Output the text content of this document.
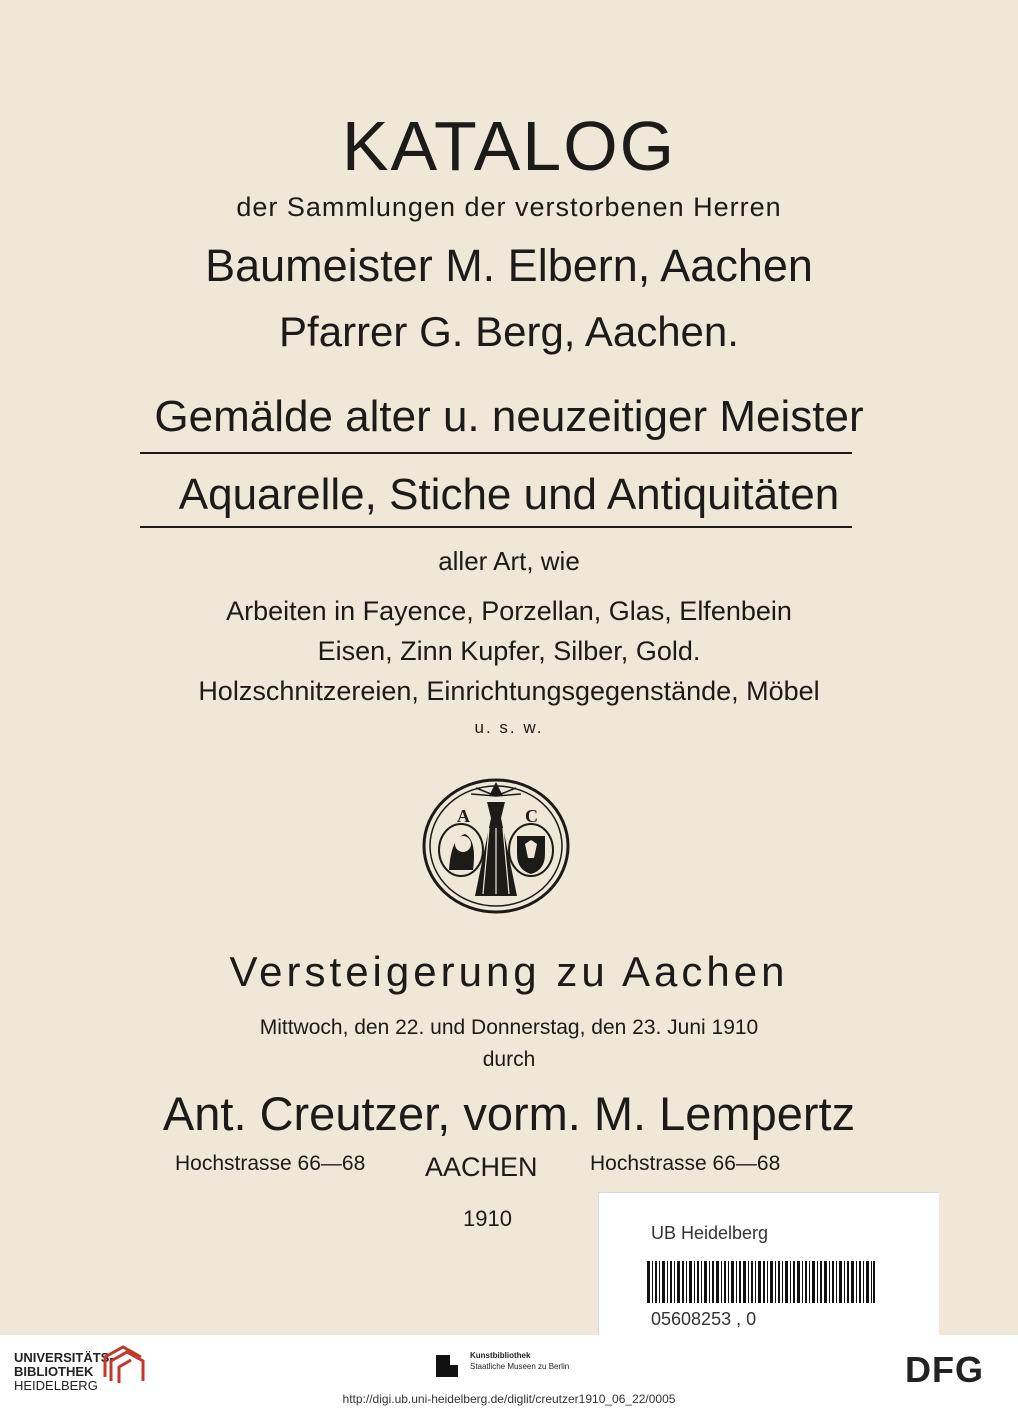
KATALOG
der Sammlungen der verstorbenen Herren
Baumeister M. Elbern, Aachen
Pfarrer G. Berg, Aachen.
Gemälde alter u. neuzeitiger Meister
Aquarelle, Stiche und Antiquitäten
aller Art, wie
Arbeiten in Fayence, Porzellan, Glas, Elfenbein
Eisen, Zinn Kupfer, Silber, Gold.
Holzschnitzereien, Einrichtungsgegenstände, Möbel
u. s. w.
A	C
Versteigerung zu Aachen
Mittwoch, den 22. und Donnerstag, den 23. Juni 1910
durch
Ant. Creutzer, vorm. M. Lempertz
Hochstrasse 66—68 AACHEN Hochstrasse 66—68
1910
UB Heidelberg
05608253 , 0
UNIVERSITÄTS-
BIBLIOTHEK
HEIDELBERG
Kunstbibliothek
Staatliche Museen zu Berlin	DFG
http://digi.ub.uni-heidelberg.de/diglit/creutzer1910_06_22/0005
